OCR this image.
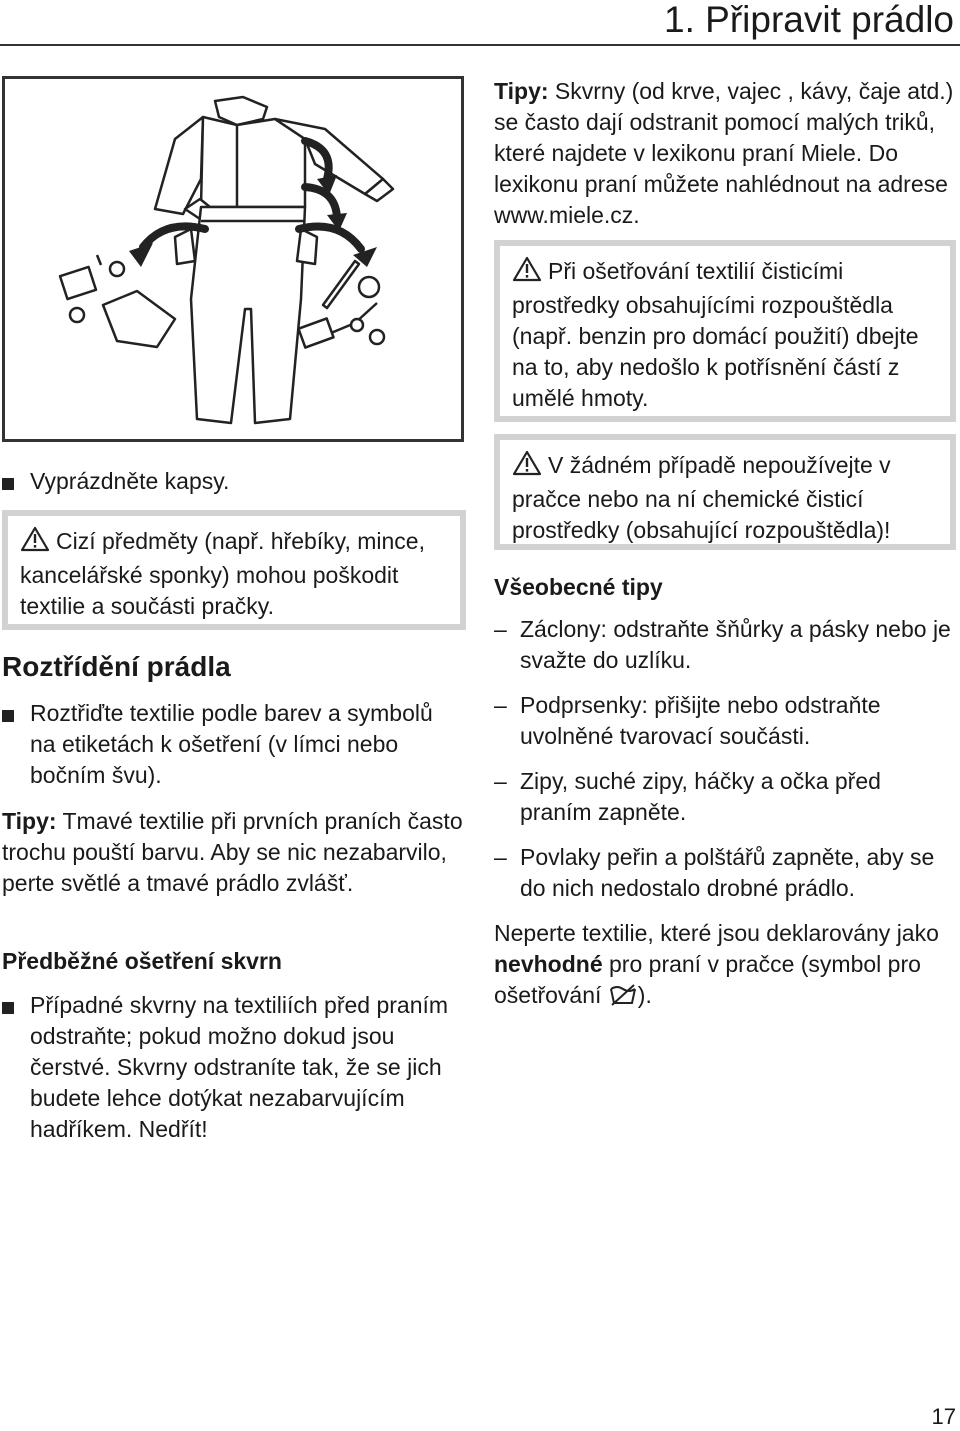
1. Připravit prádlo

Vyprázdněte kapsy.

Cizí předměty (např. hřebíky, mince, kancelářské sponky) mohou poškodit textilie a součásti pračky.

Roztřídění prádla

Roztřiďte textilie podle barev a symbolů na etiketách k ošetření (v límci nebo bočním švu).

Tipy: Tmavé textilie při prvních praních často trochu pouští barvu. Aby se nic nezabarvilo, perte světlé a tmavé prádlo zvlášť.

Předběžné ošetření skvrn

Případné skvrny na textiliích před praním odstraňte; pokud možno dokud jsou čerstvé. Skvrny odstraníte tak, že se jich budete lehce dotýkat nezabarvujícím hadříkem. Nedřít!

Tipy: Skvrny (od krve, vajec , kávy, čaje atd.) se často dají odstranit pomocí malých triků, které najdete v lexikonu praní Miele. Do lexikonu praní můžete nahlédnout na adrese www.miele.cz.

Při ošetřování textilií čisticími prostředky obsahujícími rozpouštědla (např. benzin pro domácí použití) dbejte na to, aby nedošlo k potřísnění částí z umělé hmoty.

V žádném případě nepoužívejte v pračce nebo na ní chemické čisticí prostředky (obsahující rozpouštědla)!

Všeobecné tipy

– Záclony: odstraňte šňůrky a pásky nebo je svažte do uzlíku.

– Podprsenky: přišijte nebo odstraňte uvolněné tvarovací součásti.

– Zipy, suché zipy, háčky a očka před praním zapněte.

– Povlaky peřin a polštářů zapněte, aby se do nich nedostalo drobné prádlo.

Neperte textilie, které jsou deklarovány jako nevhodné pro praní v pračce (symbol pro ošetřování ).

17
